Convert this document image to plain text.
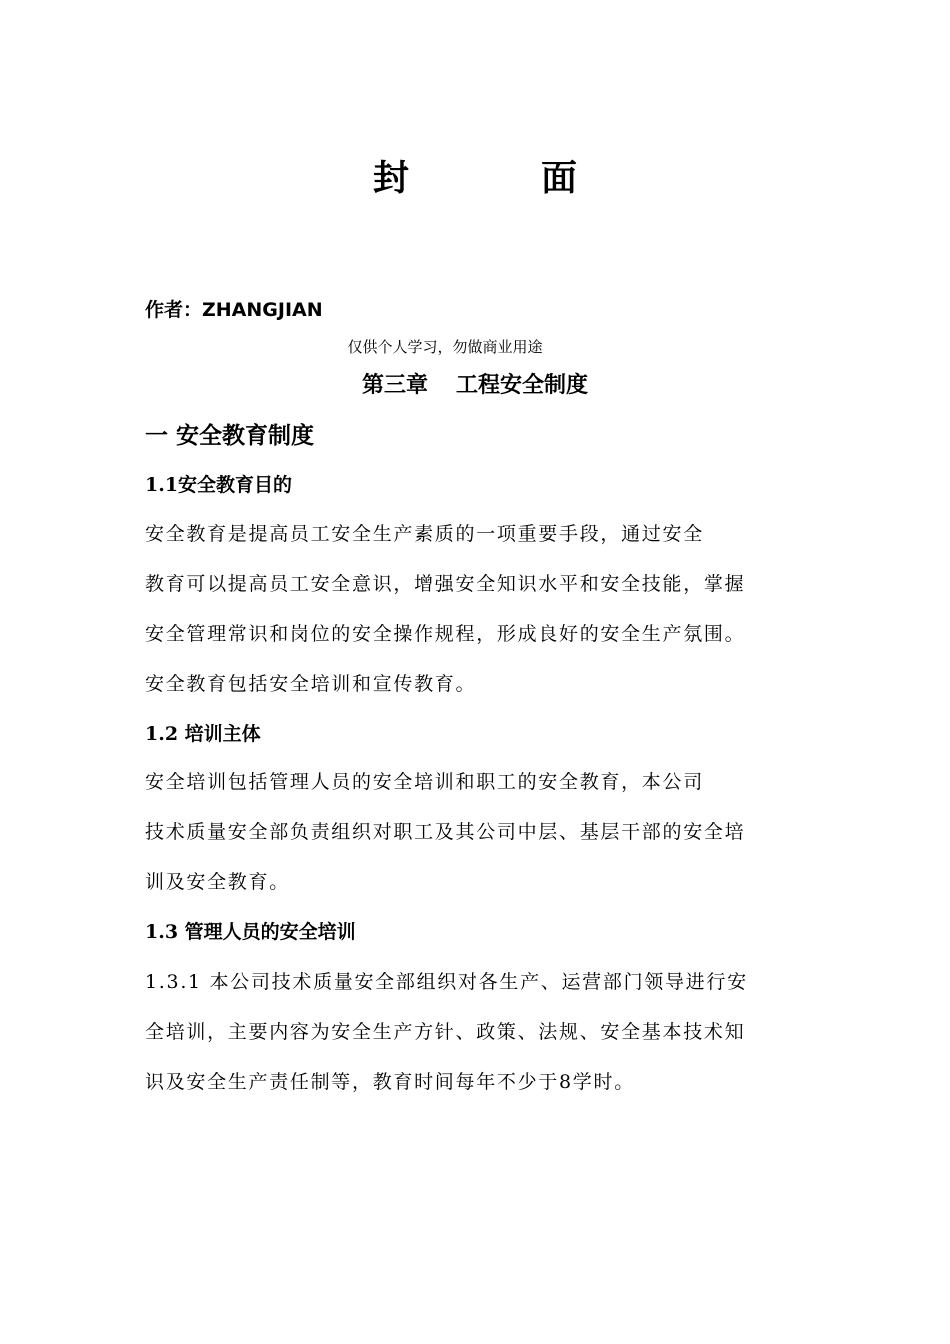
封	面
作者：ZHANGJIAN
仅供个人学习，勿做商业用途
第三章 工程安全制度
一 安全教育制度
1.1安全教育目的
安全教育是提高员工安全生产素质的一项重要手段，通过安全
教育可以提高员工安全意识，增强安全知识水平和安全技能，掌握
安全管理常识和岗位的安全操作规程，形成良好的安全生产氛围。
安全教育包括安全培训和宣传教育。
1.2 培训主体
安全培训包括管理人员的安全培训和职工的安全教育，本公司
技术质量安全部负责组织对职工及其公司中层、基层干部的安全培
训及安全教育。
1.3 管理人员的安全培训
1.3.1 本公司技术质量安全部组织对各生产、运营部门领导进行安
全培训，主要内容为安全生产方针、政策、法规、安全基本技术知
识及安全生产责任制等，教育时间每年不少于8学时。
